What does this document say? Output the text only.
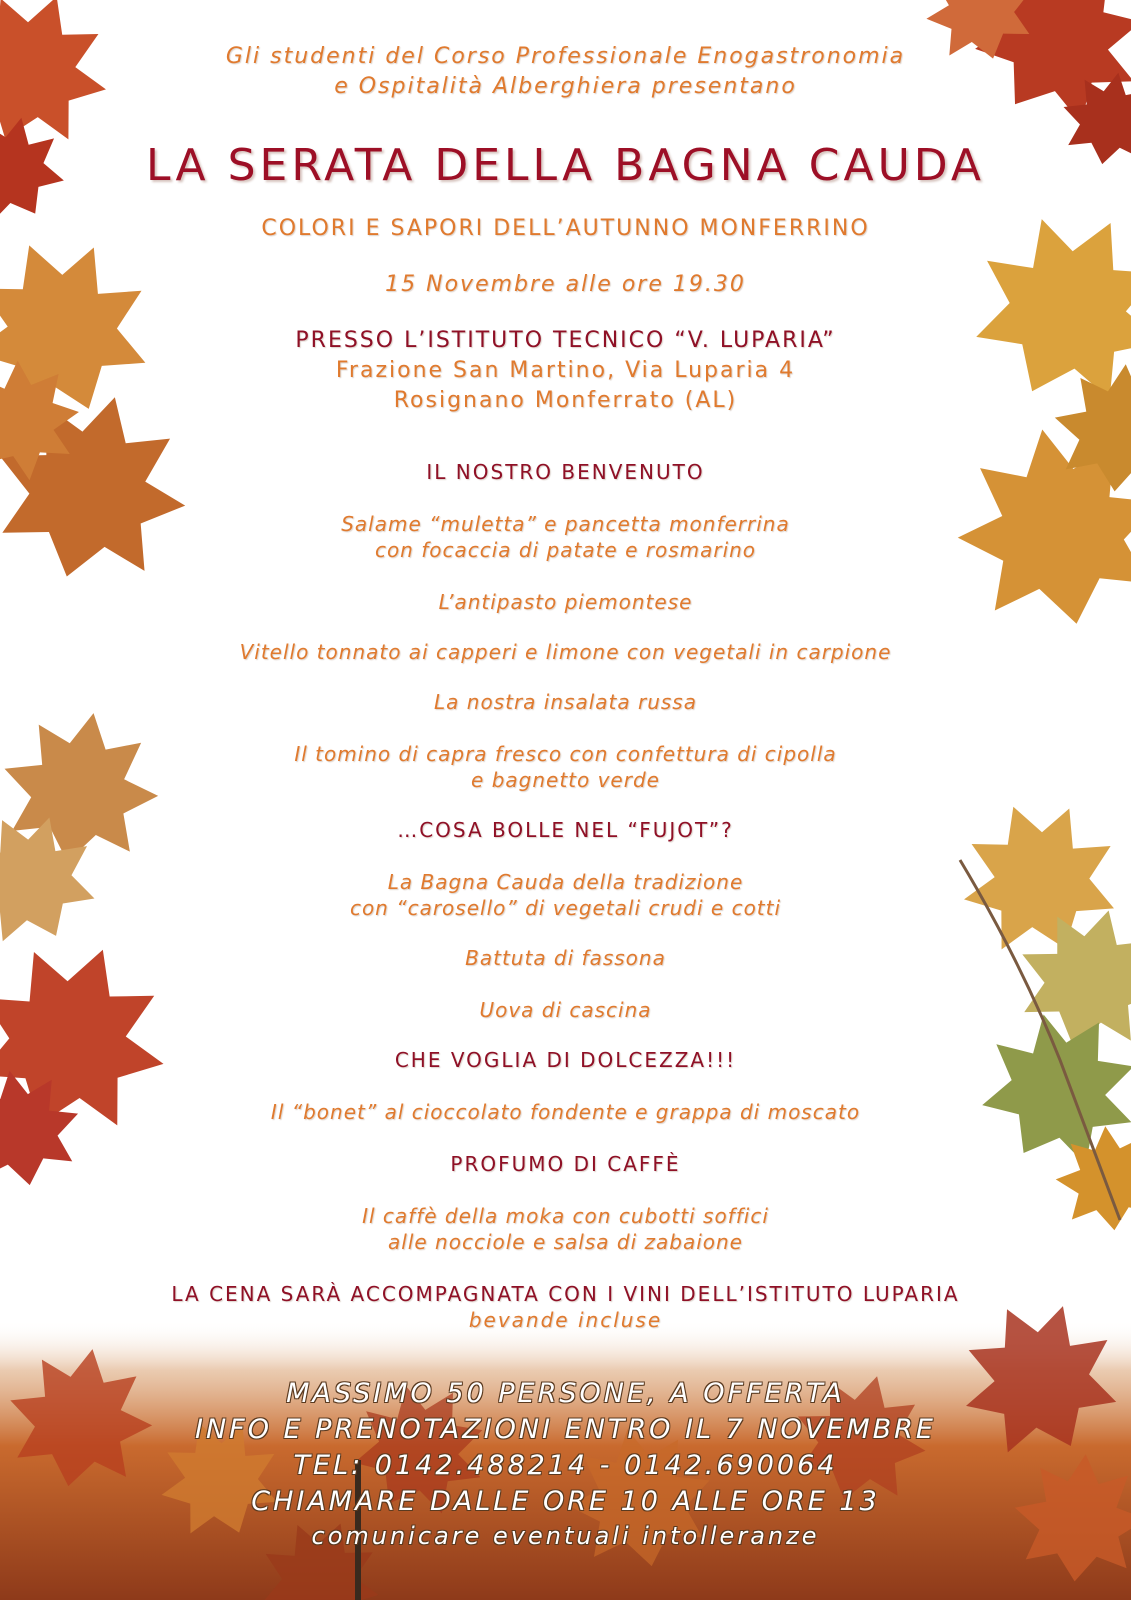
Gli studenti del Corso Professionale Enogastronomia
e Ospitalità Alberghiera presentano
LA SERATA DELLA BAGNA CAUDA
COLORI E SAPORI DELL’AUTUNNO MONFERRINO
15 Novembre alle ore 19.30
PRESSO L’ISTITUTO TECNICO “V. LUPARIA”
Frazione San Martino, Via Luparia 4
Rosignano Monferrato (AL)
IL NOSTRO BENVENUTO
Salame “muletta” e pancetta monferrina
con focaccia di patate e rosmarino
L’antipasto piemontese
Vitello tonnato ai capperi e limone con vegetali in carpione
La nostra insalata russa
Il tomino di capra fresco con confettura di cipolla
e bagnetto verde
…COSA BOLLE NEL “FUJOT”?
La Bagna Cauda della tradizione
con “carosello” di vegetali crudi e cotti
Battuta di fassona
Uova di cascina
CHE VOGLIA DI DOLCEZZA!!!
Il “bonet” al cioccolato fondente e grappa di moscato
PROFUMO DI CAFFÈ
Il caffè della moka con cubotti soffici
alle nocciole e salsa di zabaione
LA CENA SARÀ ACCOMPAGNATA CON I VINI DELL’ISTITUTO LUPARIA
bevande incluse
MASSIMO 50 PERSONE, A OFFERTA
INFO E PRENOTAZIONI ENTRO IL 7 NOVEMBRE
TEL: 0142.488214 - 0142.690064
CHIAMARE DALLE ORE 10 ALLE ORE 13
comunicare eventuali intolleranze
